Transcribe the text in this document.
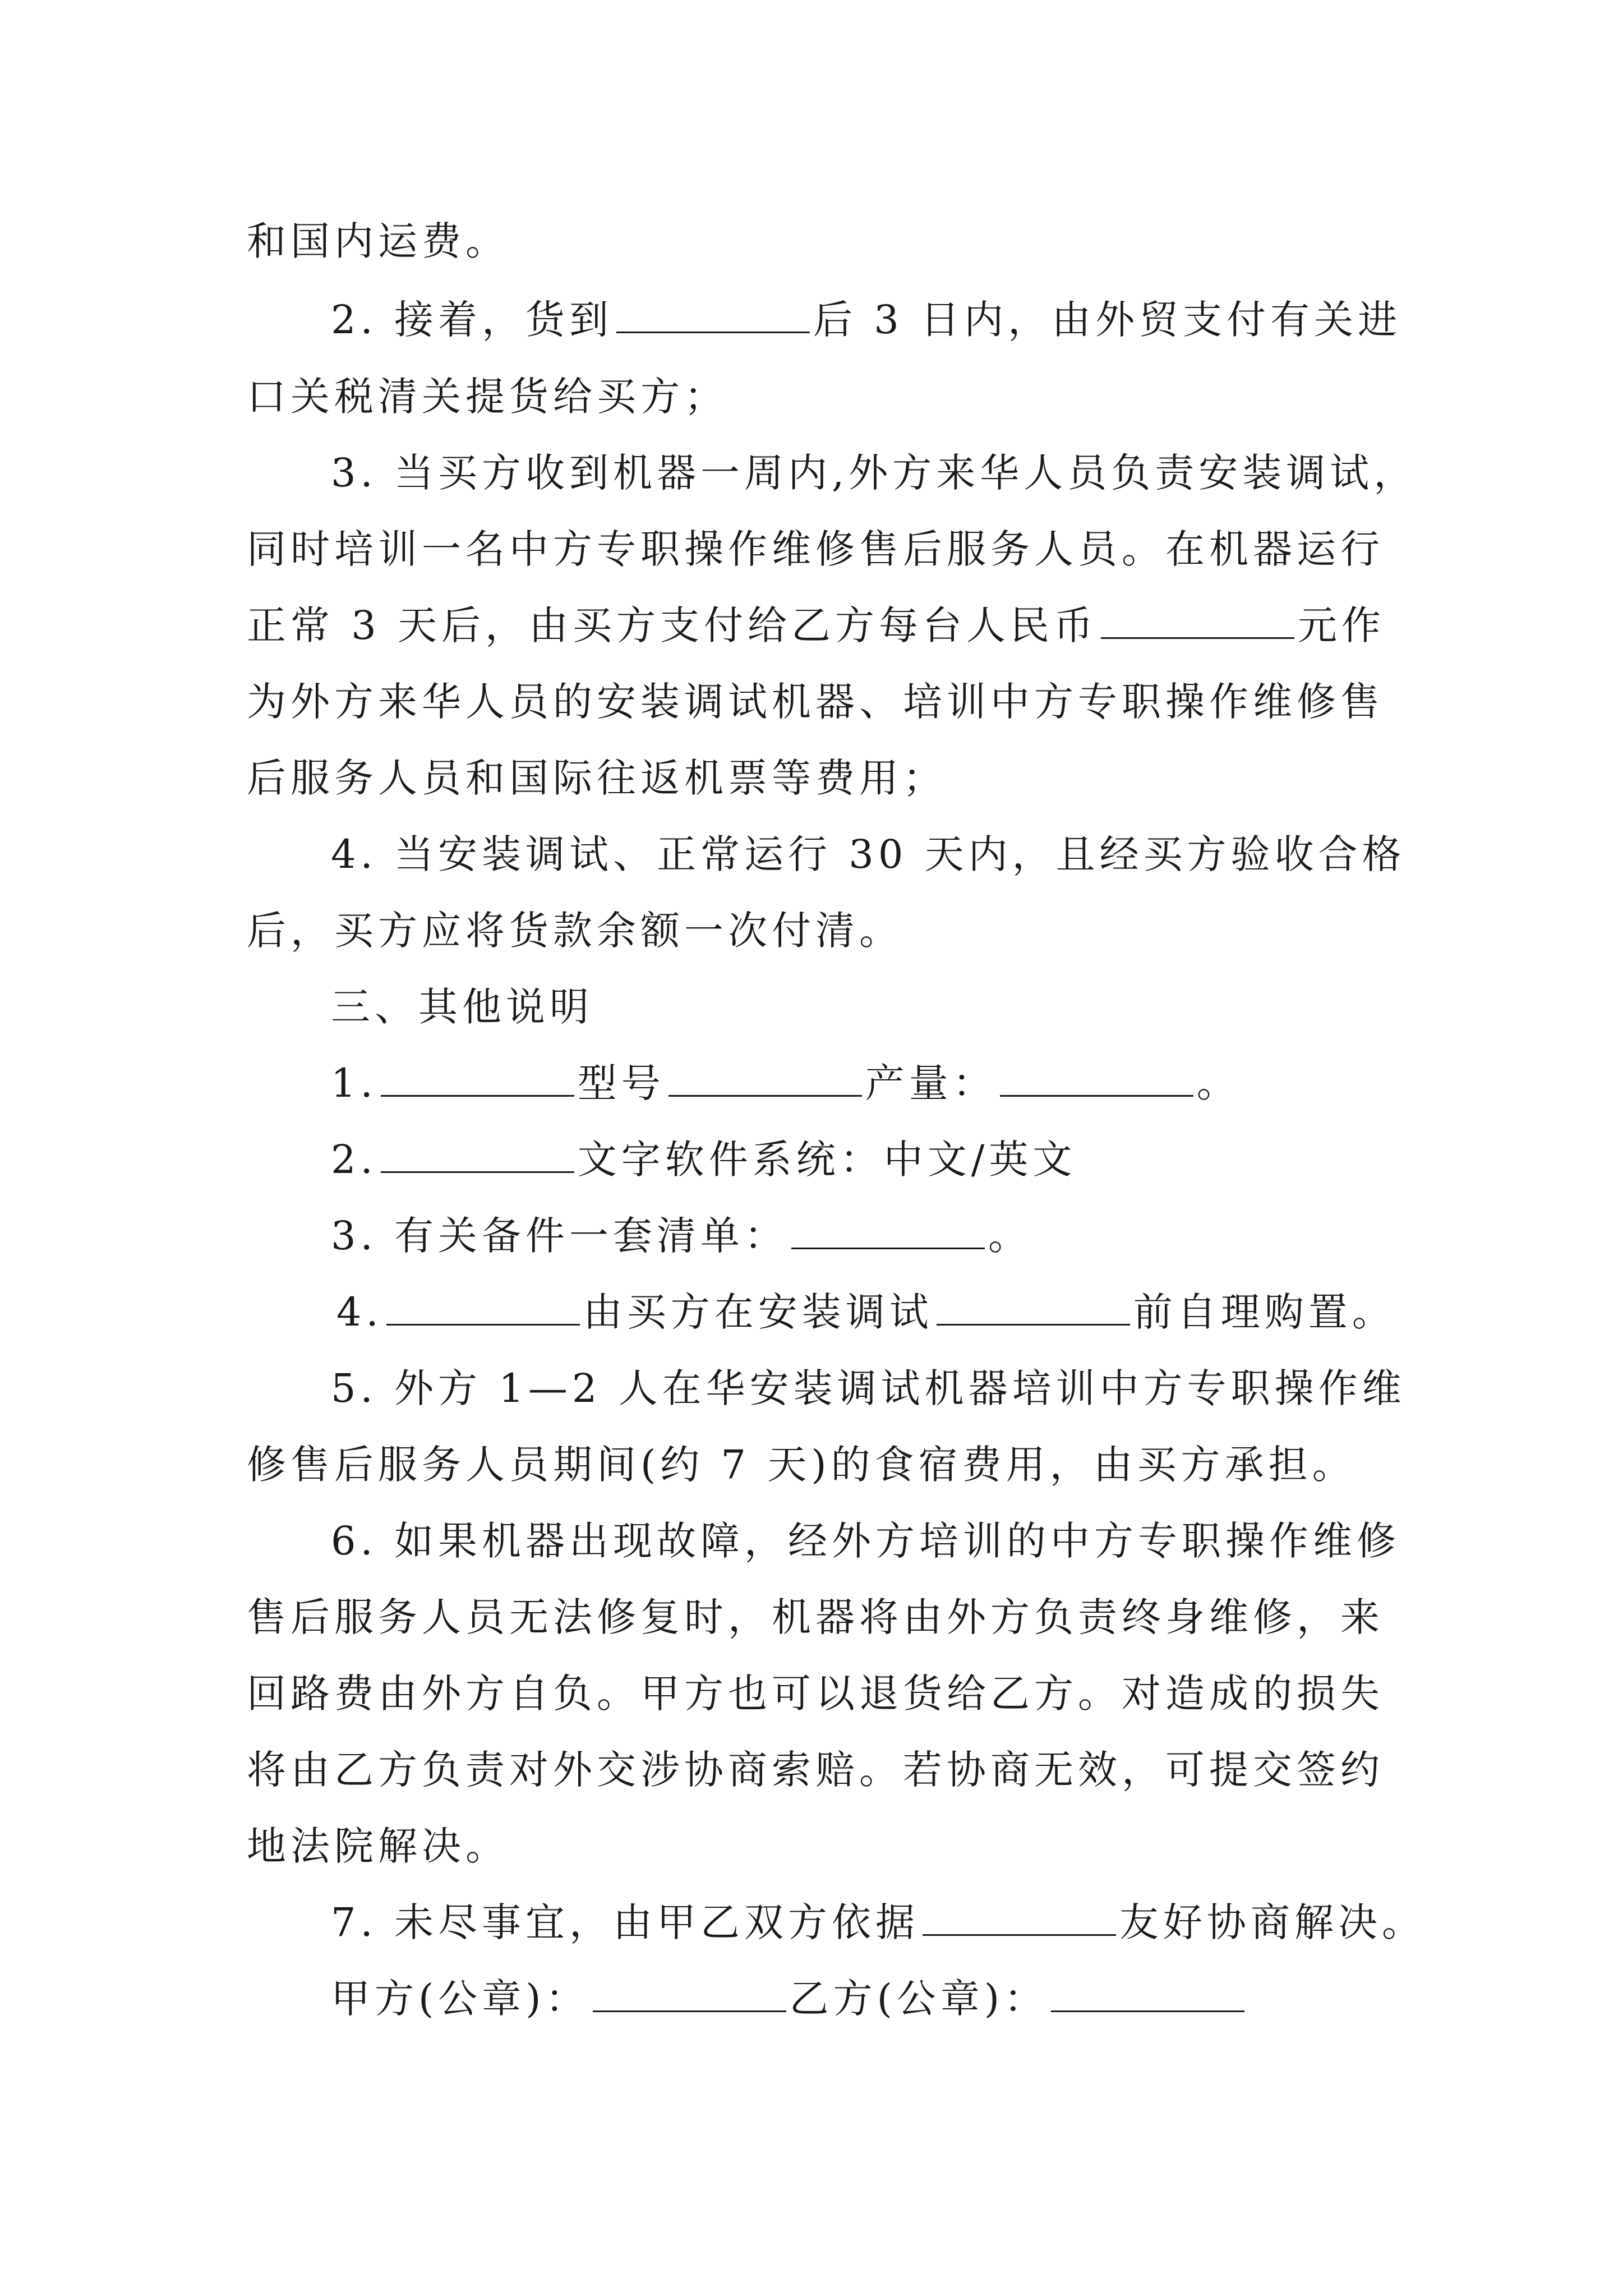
和国内运费。
2. 接着，货到	后 3 日内，由外贸支付有关进
口关税清关提货给买方；
3. 当买方收到机器一周内,外方来华人员负责安装调试，
同时培训一名中方专职操作维修售后服务人员。在机器运行
正常 3 天后，由买方支付给乙方每台人民币	元作
为外方来华人员的安装调试机器、培训中方专职操作维修售
后服务人员和国际往返机票等费用；
4. 当安装调试、正常运行 30 天内，且经买方验收合格
后，买方应将货款余额一次付清。
三、其他说明
1.	型号	产量：	。
2.	文字软件系统：中文/英文
3. 有关备件一套清单：	。
4.	由买方在安装调试	前自理购置。
5. 外方 1—2 人在华安装调试机器培训中方专职操作维
修售后服务人员期间(约 7 天)的食宿费用，由买方承担。
6. 如果机器出现故障，经外方培训的中方专职操作维修
售后服务人员无法修复时，机器将由外方负责终身维修，来
回路费由外方自负。甲方也可以退货给乙方。对造成的损失
将由乙方负责对外交涉协商索赔。若协商无效，可提交签约
地法院解决。
7. 未尽事宜，由甲乙双方依据	友好协商解决。
甲方(公章)：	乙方(公章)：
